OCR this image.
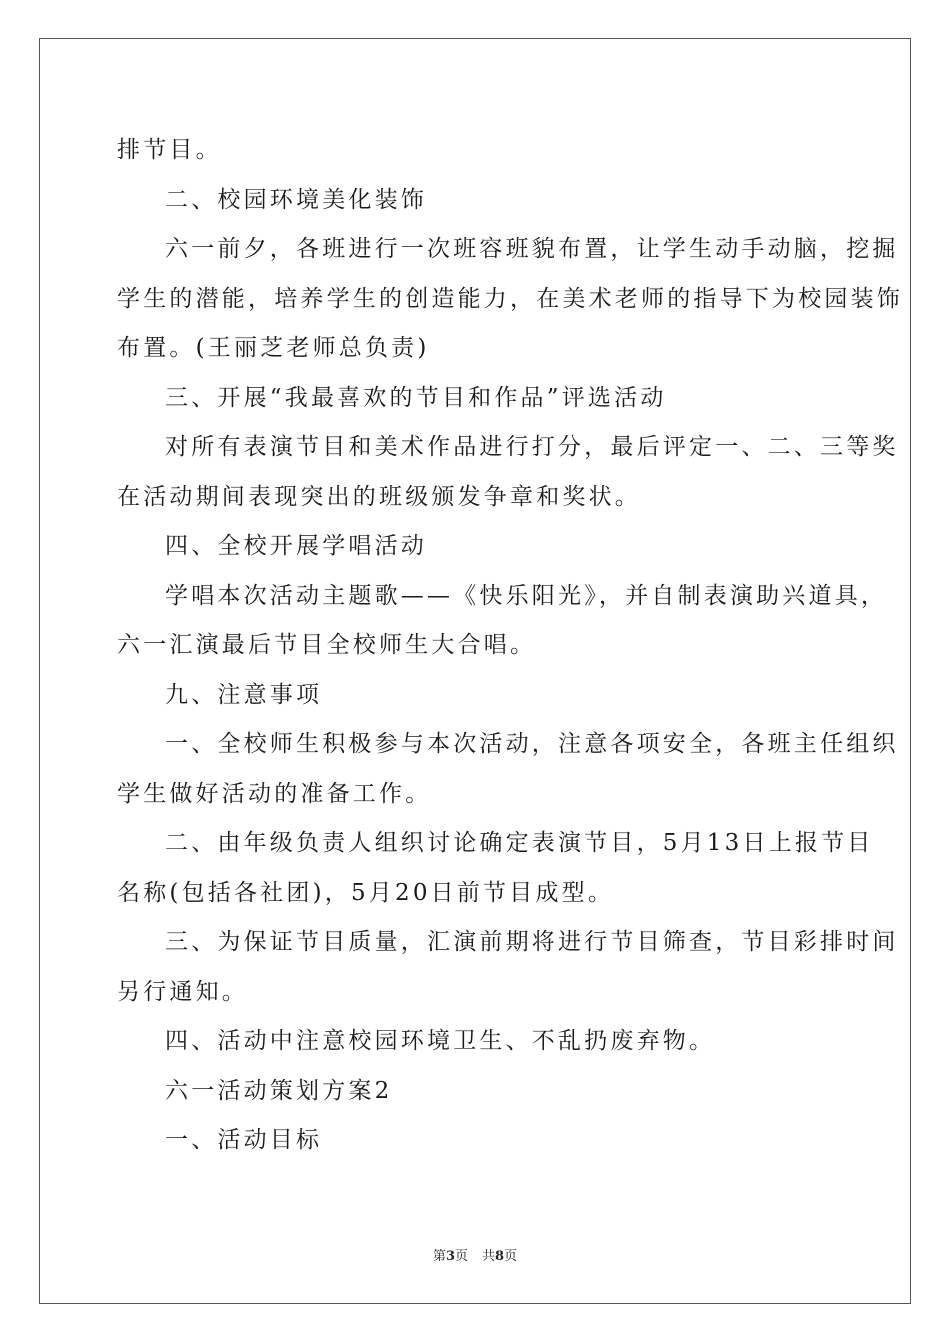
排节目。
二、校园环境美化装饰
六一前夕，各班进行一次班容班貌布置，让学生动手动脑，挖掘
学生的潜能，培养学生的创造能力，在美术老师的指导下为校园装饰
布置。(王丽芝老师总负责)
三、开展“我最喜欢的节目和作品”评选活动
对所有表演节目和美术作品进行打分，最后评定一、二、三等奖
在活动期间表现突出的班级颁发争章和奖状。
四、全校开展学唱活动
学唱本次活动主题歌——《快乐阳光》，并自制表演助兴道具，
六一汇演最后节目全校师生大合唱。
九、注意事项
一、全校师生积极参与本次活动，注意各项安全，各班主任组织
学生做好活动的准备工作。
二、由年级负责人组织讨论确定表演节目，5月13日上报节目
名称(包括各社团)，5月20日前节目成型。
三、为保证节目质量，汇演前期将进行节目筛查，节目彩排时间
另行通知。
四、活动中注意校园环境卫生、不乱扔废弃物。
六一活动策划方案2
一、活动目标
第3页 共8页
